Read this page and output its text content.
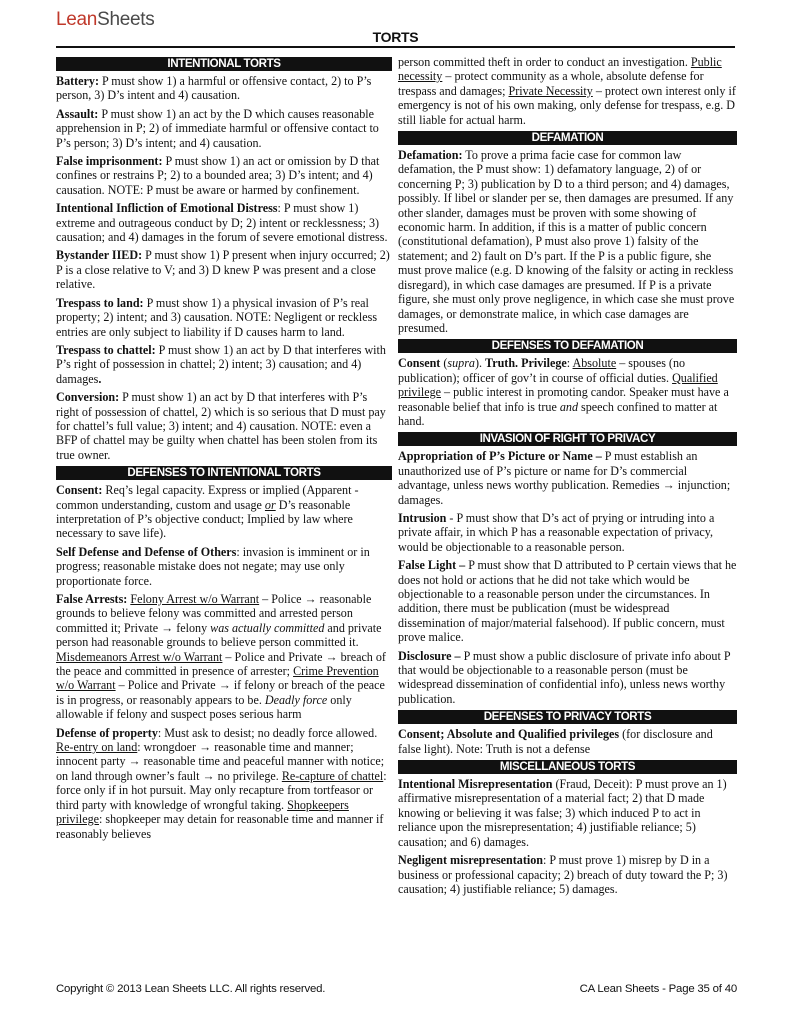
LeanSheets
TORTS
INTENTIONAL TORTS

Battery: P must show 1) a harmful or offensive contact, 2) to P’s person, 3) D’s intent and 4) causation.

Assault: P must show 1) an act by the D which causes reasonable apprehension in P; 2) of immediate harmful or offensive contact to P’s person; 3) D’s intent; and 4) causation.

False imprisonment: P must show 1) an act or omission by D that confines or restrains P; 2) to a bounded area; 3) D’s intent; and 4) causation. NOTE: P must be aware or harmed by confinement.

Intentional Infliction of Emotional Distress: P must show 1) extreme and outrageous conduct by D; 2) intent or recklessness; 3) causation; and 4) damages in the forum of severe emotional distress.

Bystander IIED: P must show 1) P present when injury occurred; 2) P is a close relative to V; and 3) D knew P was present and a close relative.

Trespass to land: P must show 1) a physical invasion of P’s real property; 2) intent; and 3) causation. NOTE: Negligent or reckless entries are only subject to liability if D causes harm to land.

Trespass to chattel: P must show 1) an act by D that interferes with P’s right of possession in chattel; 2) intent; 3) causation; and 4) damages.

Conversion: P must show 1) an act by D that interferes with P’s right of possession of chattel, 2) which is so serious that D must pay for chattel’s full value; 3) intent; and 4) causation. NOTE: even a BFP of chattel may be guilty when chattel has been stolen from its true owner.

DEFENSES TO INTENTIONAL TORTS

Consent: Req’s legal capacity. Express or implied (Apparent - common understanding, custom and usage or D’s reasonable interpretation of P’s objective conduct; Implied by law where necessary to save life).

Self Defense and Defense of Others: invasion is imminent or in progress; reasonable mistake does not negate; may use only proportionate force.

False Arrests: Felony Arrest w/o Warrant – Police → reasonable grounds to believe felony was committed and arrested person committed it; Private → felony was actually committed and private person had reasonable grounds to believe person committed it. Misdemeanors Arrest w/o Warrant – Police and Private → breach of the peace and committed in presence of arrester; Crime Prevention w/o Warrant – Police and Private → if felony or breach of the peace is in progress, or reasonably appears to be. Deadly force only allowable if felony and suspect poses serious harm

Defense of property: Must ask to desist; no deadly force allowed. Re-entry on land: wrongdoer → reasonable time and manner; innocent party → reasonable time and peaceful manner with notice; on land through owner’s fault → no privilege. Re-capture of chattel: force only if in hot pursuit. May only recapture from tortfeasor or third party with knowledge of wrongful taking. Shopkeepers privilege: shopkeeper may detain for reasonable time and manner if reasonably believes

person committed theft in order to conduct an investigation. Public necessity – protect community as a whole, absolute defense for trespass and damages; Private Necessity – protect own interest only if emergency is not of his own making, only defense for trespass, e.g. D still liable for actual harm.

DEFAMATION

Defamation: To prove a prima facie case for common law defamation, the P must show: 1) defamatory language, 2) of or concerning P; 3) publication by D to a third person; and 4) damages, possibly. If libel or slander per se, then damages are presumed. If any other slander, damages must be proven with some showing of economic harm. In addition, if this is a matter of public concern (constitutional defamation), P must also prove 1) falsity of the statement; and 2) fault on D’s part. If the P is a public figure, she must prove malice (e.g. D knowing of the falsity or acting in reckless disregard), in which case damages are presumed. If P is a private figure, she must only prove negligence, in which case she must prove damages, or demonstrate malice, in which case damages are presumed.

DEFENSES TO DEFAMATION

Consent (supra). Truth. Privilege: Absolute – spouses (no publication); officer of gov’t in course of official duties. Qualified privilege – public interest in promoting candor. Speaker must have a reasonable belief that info is true and speech confined to matter at hand.

INVASION OF RIGHT TO PRIVACY

Appropriation of P’s Picture or Name – P must establish an unauthorized use of P’s picture or name for D’s commercial advantage, unless news worthy publication. Remedies → injunction; damages.

Intrusion - P must show that D’s act of prying or intruding into a private affair, in which P has a reasonable expectation of privacy, would be objectionable to a reasonable person.

False Light – P must show that D attributed to P certain views that he does not hold or actions that he did not take which would be objectionable to a reasonable person under the circumstances. In addition, there must be publication (must be widespread dissemination of major/material falsehood). If public concern, must prove malice.

Disclosure – P must show a public disclosure of private info about P that would be objectionable to a reasonable person (must be widespread dissemination of confidential info), unless news worthy publication.

DEFENSES TO PRIVACY TORTS

Consent; Absolute and Qualified privileges (for disclosure and false light). Note: Truth is not a defense

MISCELLANEOUS TORTS

Intentional Misrepresentation (Fraud, Deceit): P must prove an 1) affirmative misrepresentation of a material fact; 2) that D made knowing or believing it was false; 3) which induced P to act in reliance upon the misrepresentation; 4) justifiable reliance; 5) causation; and 6) damages.

Negligent misrepresentation: P must prove 1) misrep by D in a business or professional capacity; 2) breach of duty toward the P; 3) causation; 4) justifiable reliance; 5) damages.

Copyright © 2013 Lean Sheets LLC. All rights reserved.	CA Lean Sheets - Page 35 of 40
